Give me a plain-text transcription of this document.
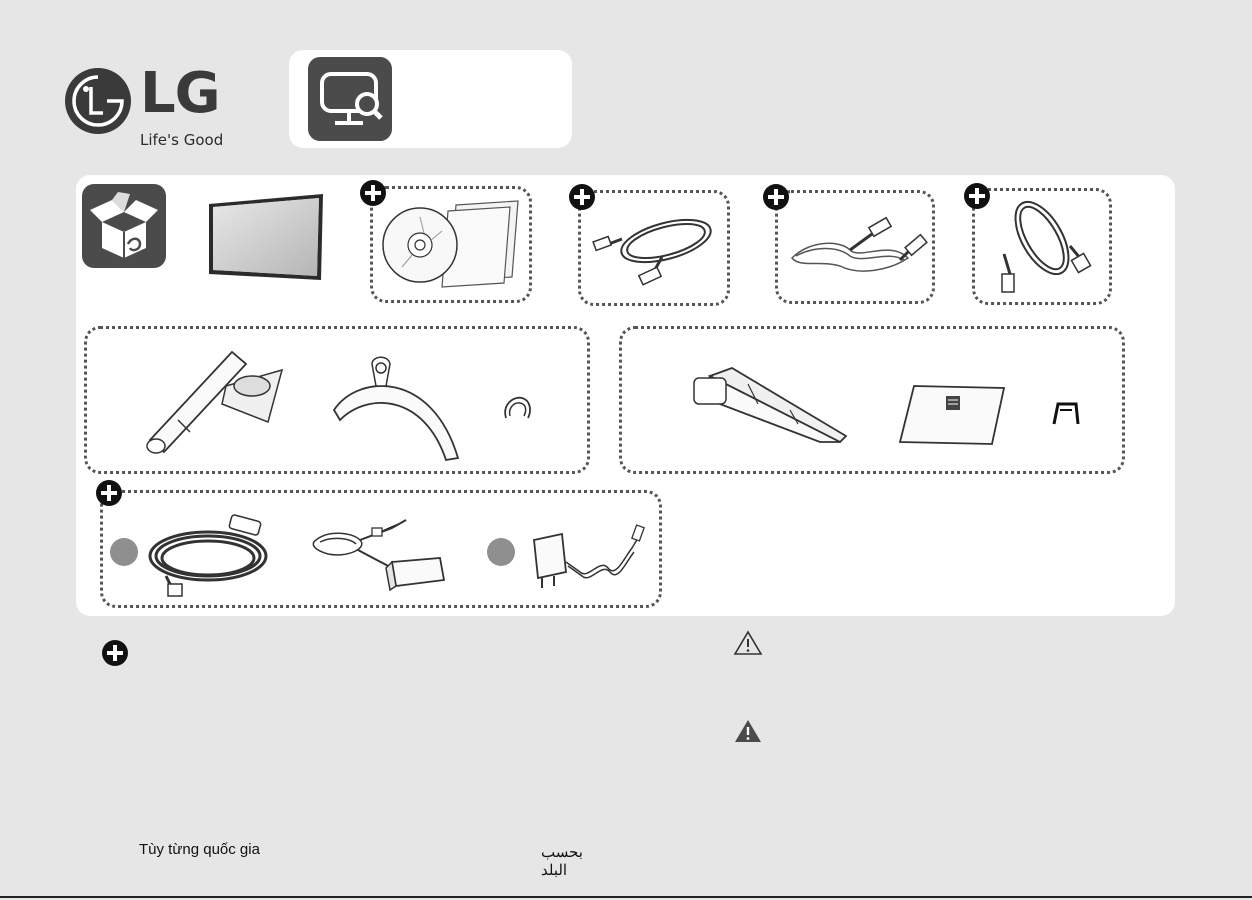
LG
Life's Good
Tùy từng quốc gia	بحسب البلد
